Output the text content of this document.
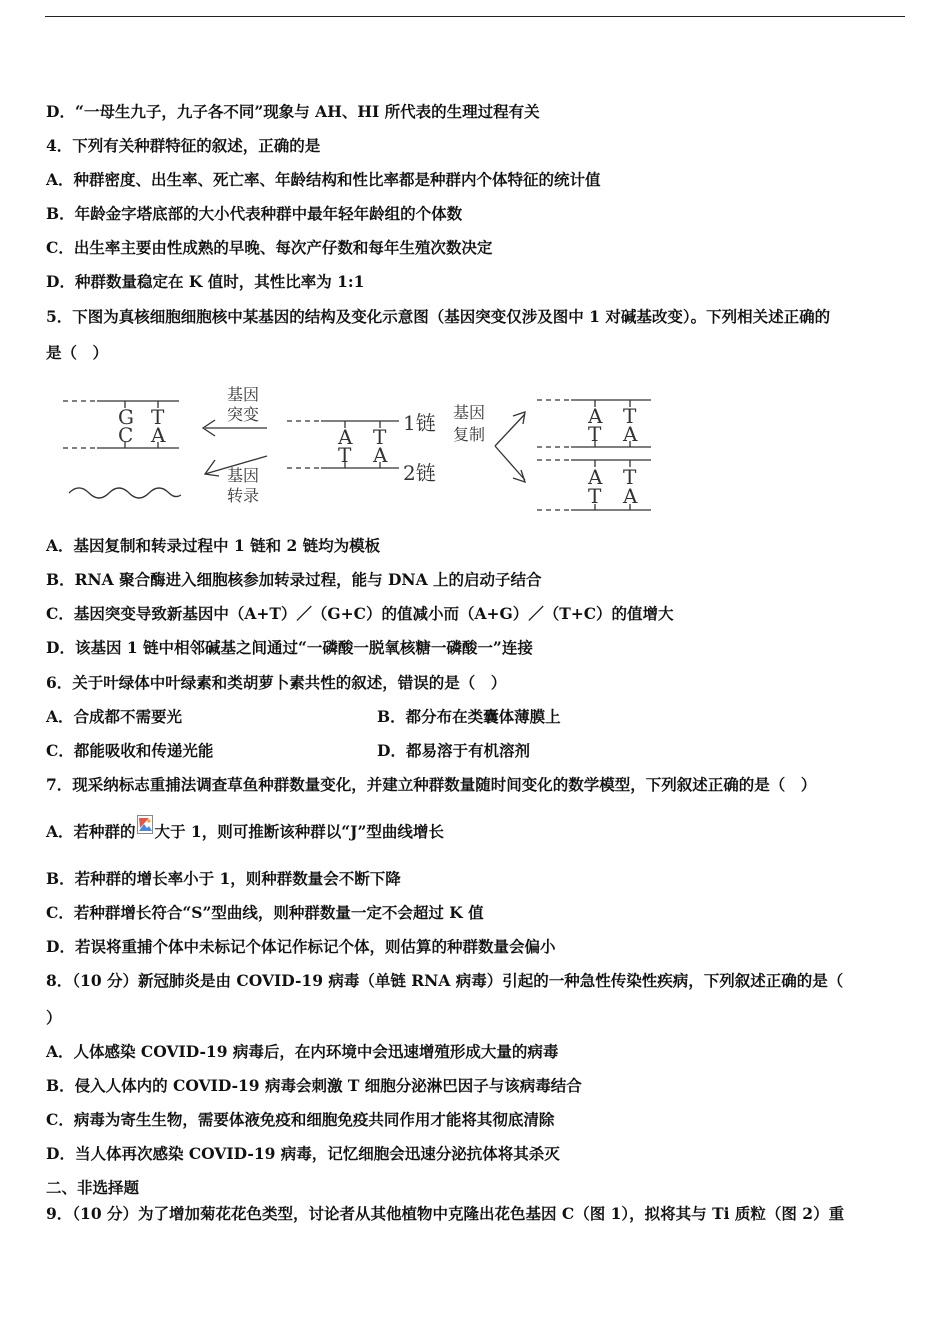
D．“一母生九子，九子各不同”现象与 AH、HI 所代表的生理过程有关
4．下列有关种群特征的叙述，正确的是
A．种群密度、出生率、死亡率、年龄结构和性比率都是种群内个体特征的统计值
B．年龄金字塔底部的大小代表种群中最年轻年龄组的个体数
C．出生率主要由性成熟的早晚、每次产仔数和每年生殖次数决定
D．种群数量稳定在 K 值时，其性比率为 1:1
5．下图为真核细胞细胞核中某基因的结构及变化示意图（基因突变仅涉及图中 1 对碱基改变）。下列相关述正确的
是（　）
G T
C A
基因
突变
基因
转录
A T
T A
1链
2链
基因
复制
A T
T A
A T
T A
A．基因复制和转录过程中 1 链和 2 链均为模板
B．RNA 聚合酶进入细胞核参加转录过程，能与 DNA 上的启动子结合
C．基因突变导致新基因中（A+T）／（G+C）的值减小而（A+G）／（T+C）的值增大
D．该基因 1 链中相邻碱基之间通过“一磷酸一脱氧核糖一磷酸一”连接
6．关于叶绿体中叶绿素和类胡萝卜素共性的叙述，错误的是（　）
A．合成都不需要光	B．都分布在类囊体薄膜上
C．都能吸收和传递光能	D．都易溶于有机溶剂
7．现采纳标志重捕法调查草鱼种群数量变化，并建立种群数量随时间变化的数学模型，下列叙述正确的是（　）
A．若种群的 大于 1，则可推断该种群以“J”型曲线增长
B．若种群的增长率小于 1，则种群数量会不断下降
C．若种群增长符合“S”型曲线，则种群数量一定不会超过 K 值
D．若误将重捕个体中未标记个体记作标记个体，则估算的种群数量会偏小
8．（10 分）新冠肺炎是由 COVID-19 病毒（单链 RNA 病毒）引起的一种急性传染性疾病，下列叙述正确的是（
）
A．人体感染 COVID-19 病毒后，在内环境中会迅速增殖形成大量的病毒
B．侵入人体内的 COVID-19 病毒会刺激 T 细胞分泌淋巴因子与该病毒结合
C．病毒为寄生生物，需要体液免疫和细胞免疫共同作用才能将其彻底清除
D．当人体再次感染 COVID-19 病毒，记忆细胞会迅速分泌抗体将其杀灭
二、非选择题
9．（10 分）为了增加菊花花色类型，讨论者从其他植物中克隆出花色基因 C（图 1），拟将其与 Ti 质粒（图 2）重
